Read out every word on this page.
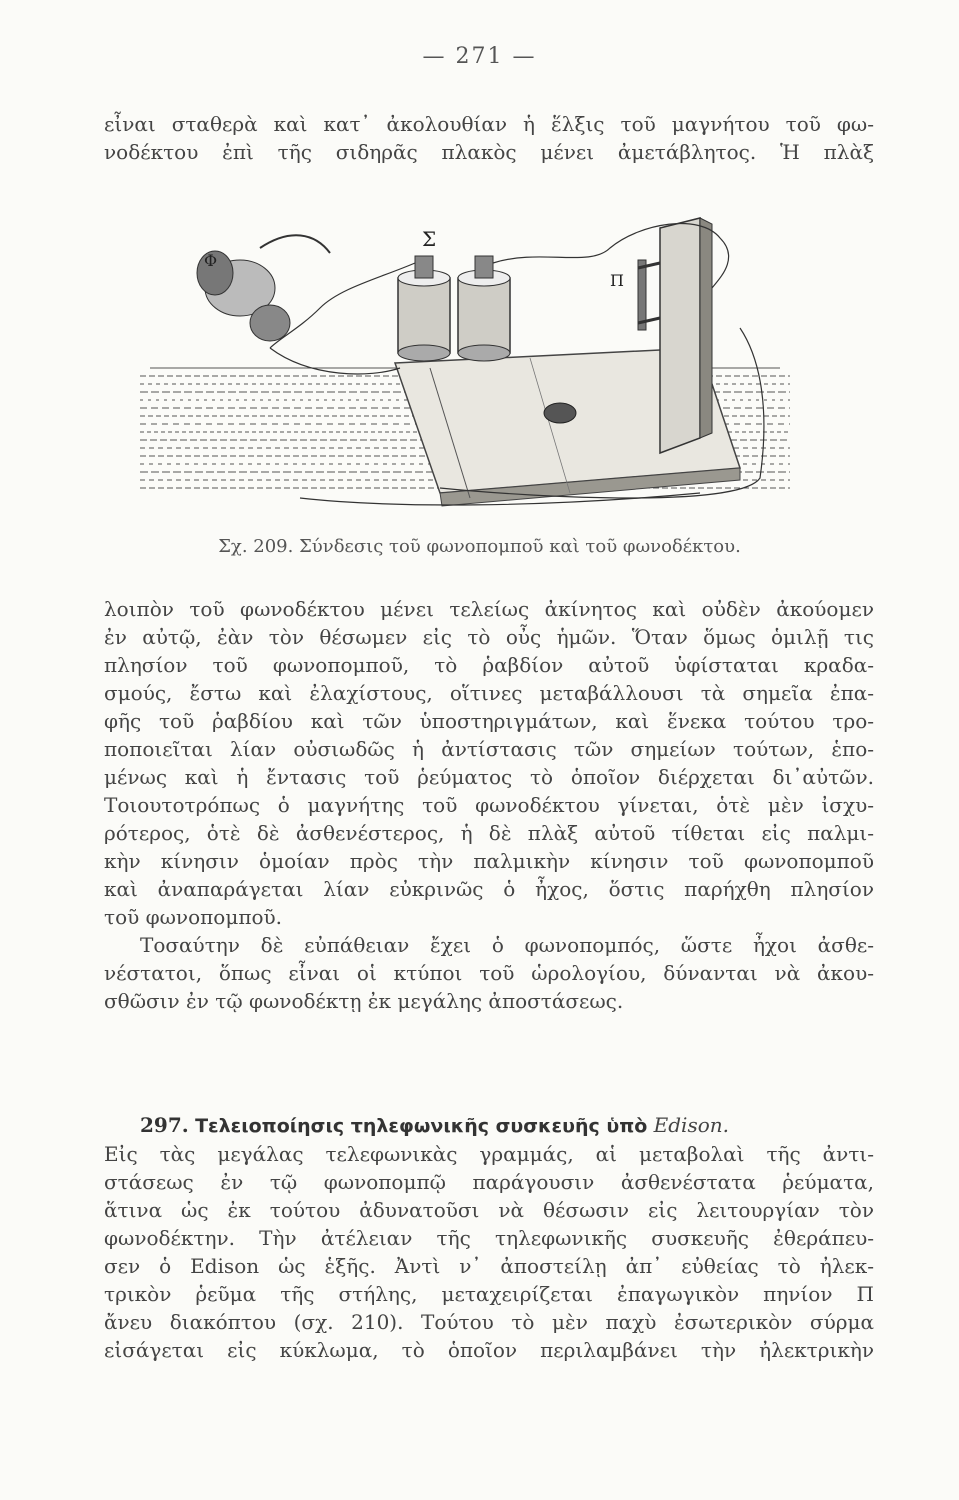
— 271 —
εἶναι σταθερὰ καὶ κατ᾽ ἀκολουθίαν ἡ ἕλξις τοῦ μαγνήτου τοῦ φω-
νοδέκτου ἐπὶ τῆς σιδηρᾶς πλακὸς μένει ἀμετάβλητος. Ἡ πλὰξ
Σ
Π
Φ
Σχ. 209. Σύνδεσις τοῦ φωνοπομποῦ καὶ τοῦ φωνοδέκτου.
λοιπὸν τοῦ φωνοδέκτου μένει τελείως ἀκίνητος καὶ οὐδὲν ἀκούομεν
ἐν αὐτῷ, ἐὰν τὸν θέσωμεν εἰς τὸ οὖς ἡμῶν. Ὅταν ὅμως ὁμιλῇ τις
πλησίον τοῦ φωνοπομποῦ, τὸ ῥαβδίον αὐτοῦ ὑφίσταται κραδα-
σμούς, ἔστω καὶ ἐλαχίστους, οἵτινες μεταβάλλουσι τὰ σημεῖα ἐπα-
φῆς τοῦ ῥαβδίου καὶ τῶν ὑποστηριγμάτων, καὶ ἕνεκα τούτου τρο-
ποποιεῖται λίαν οὐσιωδῶς ἡ ἀντίστασις τῶν σημείων τούτων, ἑπο-
μένως καὶ ἡ ἔντασις τοῦ ῥεύματος τὸ ὁποῖον διέρχεται δι᾽αὐτῶν.
Τοιουτοτρόπως ὁ μαγνήτης τοῦ φωνοδέκτου γίνεται, ὁτὲ μὲν ἰσχυ-
ρότερος, ὁτὲ δὲ ἀσθενέστερος, ἡ δὲ πλὰξ αὐτοῦ τίθεται εἰς παλμι-
κὴν κίνησιν ὁμοίαν πρὸς τὴν παλμικὴν κίνησιν τοῦ φωνοπομποῦ
καὶ ἀναπαράγεται λίαν εὐκρινῶς ὁ ἦχος, ὅστις παρήχθη πλησίον
τοῦ φωνοπομποῦ.
Τοσαύτην δὲ εὐπάθειαν ἔχει ὁ φωνοπομπός, ὥστε ἦχοι ἀσθε-
νέστατοι, ὅπως εἶναι οἱ κτύποι τοῦ ὡρολογίου, δύνανται νὰ ἀκου-
σθῶσιν ἐν τῷ φωνοδέκτῃ ἐκ μεγάλης ἀποστάσεως.
297. Τελειοποίησις τηλεφωνικῆς συσκευῆς ὑπὸ Edison.
Εἰς τὰς μεγάλας τελεφωνικὰς γραμμάς, αἱ μεταβολαὶ τῆς ἀντι-
στάσεως ἐν τῷ φωνοπομπῷ παράγουσιν ἀσθενέστατα ῥεύματα,
ἅτινα ὡς ἐκ τούτου ἀδυνατοῦσι νὰ θέσωσιν εἰς λειτουργίαν τὸν
φωνοδέκτην. Τὴν ἀτέλειαν τῆς τηλεφωνικῆς συσκευῆς ἐθεράπευ-
σεν ὁ Edison ὡς ἑξῆς. Ἀντὶ ν᾽ ἀποστείλῃ ἀπ᾽ εὐθείας τὸ ἠλεκ-
τρικὸν ῥεῦμα τῆς στήλης, μεταχειρίζεται ἐπαγωγικὸν πηνίον Π
ἄνευ διακόπτου (σχ. 210). Τούτου τὸ μὲν παχὺ ἐσωτερικὸν σύρμα
εἰσάγεται εἰς κύκλωμα, τὸ ὁποῖον περιλαμβάνει τὴν ἠλεκτρικὴν
